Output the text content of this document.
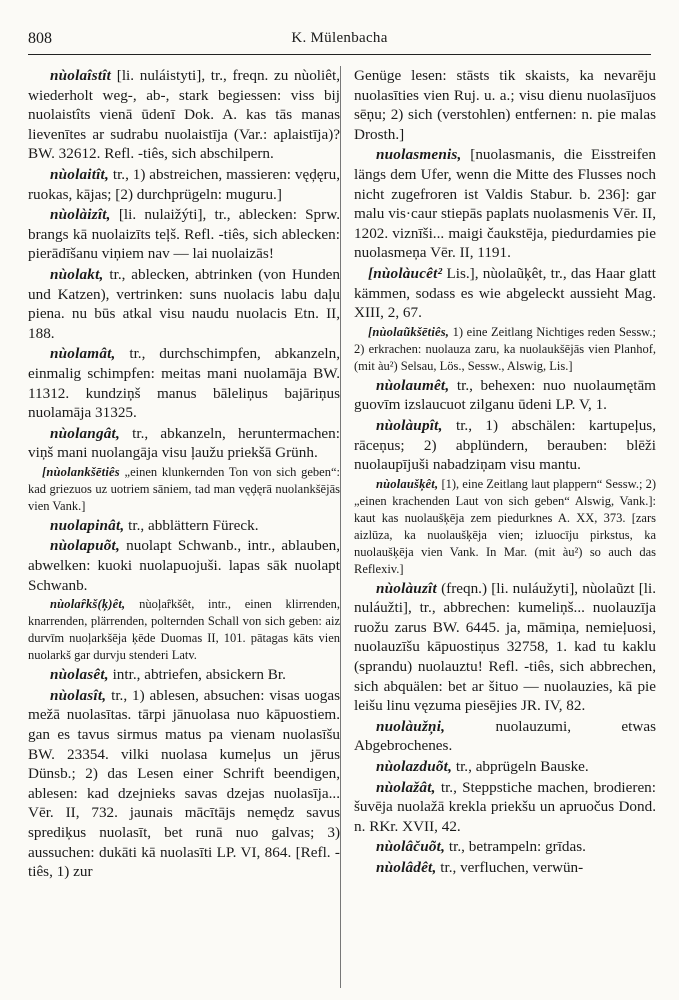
808	K. Mülenbacha

nùolaîstît [li. nuláistyti], tr., freqn. zu nùoliêt, wiederholt weg-, ab-, stark begiessen: viss bij nuolaistîts vienā ūdenī Dok. A. kas tās manas lievenītes ar sudrabu nuolaistīja (Var.: aplaistīja)? BW. 32612. Refl. -tiês, sich abschilpern.

nùolaitît, tr., 1) abstreichen, massieren: vęḑęru, ruokas, kājas; [2) durchprügeln: muguru.]

nùolàizît, [li. nulaižýti], tr., ablecken: Sprw. brangs kā nuolaizīts teļš. Refl. -tiês, sich ablecken: pierādīšanu viņiem nav — lai nuolaizās!

nùolakt, tr., ablecken, abtrinken (von Hunden und Katzen), vertrinken: suns nuolacis labu daļu piena. nu būs atkal visu naudu nuolacis Etn. II, 188.

nùolamât, tr., durchschimpfen, abkanzeln, einmalig schimpfen: meitas mani nuolamāja BW. 11312. kundziņš manus bāleliņus bajāriņus nuolamāja 31325.

nùolangât, tr., abkanzeln, heruntermachen: viņš mani nuolangāja visu ļaužu priekšā Grünh.

[nùolankšētiês „einen klunkernden Ton von sich geben“: kad griezuos uz uotriem sāniem, tad man vęḑęrā nuolankšējās vien Vank.]

nuolapinât, tr., abblättern Füreck.

nùolapuõt, nuolapt Schwanb., intr., ablauben, abwelken: kuoki nuolapuojuši. lapas sāk nuolapt Schwanb.

nùolaȓkš(ķ)êt, nùoļaȓkšêt, intr., einen klirrenden, knarrenden, plärrenden, polternden Schall von sich geben: aiz durvīm nuoļarkšēja ķēde Duomas II, 101. pātagas kāts vien nuolarkš gar durvju stenderi Latv.

nùolasêt, intr., abtriefen, absickern Br.

nùolasît, tr., 1) ablesen, absuchen: visas uogas mežā nuolasītas. tārpi jānuolasa nuo kāpuostiem. gan es tavus sirmus matus pa vienam nuolasīšu BW. 23354. vilki nuolasa kumeļus un jērus Dünsb.; 2) das Lesen einer Schrift beendigen, ablesen: kad dzejnieks savas dzejas nuolasīja... Vēr. II, 732. jaunais mācītājs nemęǳ savus sprediķus nuolasīt, bet runā nuo galvas; 3) aussuchen: dukāti kā nuolasīti LP. VI, 864. [Refl. -tiês, 1) zur

Genüge lesen: stāsts tik skaists, ka nevarēju nuolasīties vien Ruj. u. a.; visu dienu nuolasījuos sēņu; 2) sich (verstohlen) entfernen: n. pie malas Drosth.]

nuolasmenis, [nuolasmanis, die Eisstreifen längs dem Ufer, wenn die Mitte des Flusses noch nicht zugefroren ist Valdis Stabur. b. 236]: gar malu vis·caur stiepās paplats nuolasmenis Vēr. II, 1202. viznīši... maigi čaukstēja, piedurdamies pie nuolasmeņa Vēr. II, 1191.

[nùolàucêt² Lis.], nùolaũķêt, tr., das Haar glatt kämmen, sodass es wie abgeleckt aussieht Mag. XIII, 2, 67.

[nùolaũkšētiês, 1) eine Zeitlang Nichtiges reden Sessw.; 2) erkrachen: nuolauza zaru, ka nuolaukšējās vien Planhof, (mit àu²) Selsau, Lös., Sessw., Alswig, Lis.]

nùolaumêt, tr., behexen: nuo nuolaumętām guovīm izslaucuot zilganu ūdeni LP. V, 1.

nùolàupît, tr., 1) abschälen: kartupeļus, rāceņus; 2) abplündern, berauben: blēži nuolaupījuši nabadziņam visu mantu.

nùolaušķêt, [1), eine Zeitlang laut plappern“ Sessw.; 2) „einen krachenden Laut von sich geben“ Alswig, Vank.]: kaut kas nuolaušķēja zem piedurknes A. XX, 373. [zars aizlūza, ka nuolaušķēja vien; izluocīju pirkstus, ka nuolaušķēja vien Vank. In Mar. (mit àu²) so auch das Reflexiv.]

nùolàuzît (freqn.) [li. nuláužyti], nùolaũzt [li. nuláužti], tr., abbrechen: kumeliņš... nuolauzīja ruožu zarus BW. 6445. ja, māmiņa, nemieļuosi, nuolauzīšu kāpuostiņus 32758, 1. kad tu kaklu (sprandu) nuolauztu! Refl. -tiês, sich abbrechen, sich abquälen: bet ar šituo — nuolauzies, kā pie leišu linu vęzuma piesējies JR. IV, 82.

nuolàužņi, nuolauzumi, etwas Abgebrochenes.

nùolazduõt, tr., abprügeln Bauske.

nùolažât, tr., Steppstiche machen, brodieren: šuvēja nuolažā krekla priekšu un apruočus Dond. n. RKr. XVII, 42.

nùolâčuõt, tr., betrampeln: grīdas.

nùolâdêt, tr., verfluchen, verwün-
